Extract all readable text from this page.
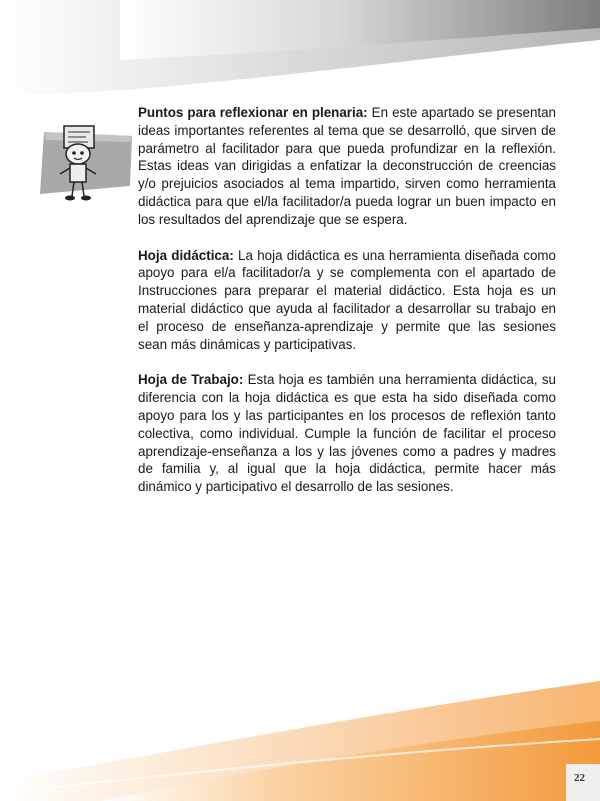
Puntos para reflexionar en plenaria: En este apartado se presentan ideas importantes referentes al tema que se desarrolló, que sirven de parámetro al facilitador para que pueda profundizar en la reflexión. Estas ideas van dirigidas a enfatizar la deconstrucción de creencias y/o prejuicios asociados al tema impartido, sirven como herramienta didáctica para que el/la facilitador/a pueda lograr un buen impacto en los resultados del aprendizaje que se espera.

Hoja didáctica: La hoja didáctica es una herramienta diseñada como apoyo para el/a facilitador/a y se complementa con el apartado de Instrucciones para preparar el material didáctico. Esta hoja es un material didáctico que ayuda al facilitador a desarrollar su trabajo en el proceso de enseñanza-aprendizaje y permite que las sesiones sean más dinámicas y participativas.

Hoja de Trabajo: Esta hoja es también una herramienta didáctica, su diferencia con la hoja didáctica es que esta ha sido diseñada como apoyo para los y las participantes en los procesos de reflexión tanto colectiva, como individual. Cumple la función de facilitar el proceso aprendizaje-enseñanza a los y las jóvenes como a padres y madres de familia y, al igual que la hoja didáctica, permite hacer más dinámico y participativo el desarrollo de las sesiones.

22
